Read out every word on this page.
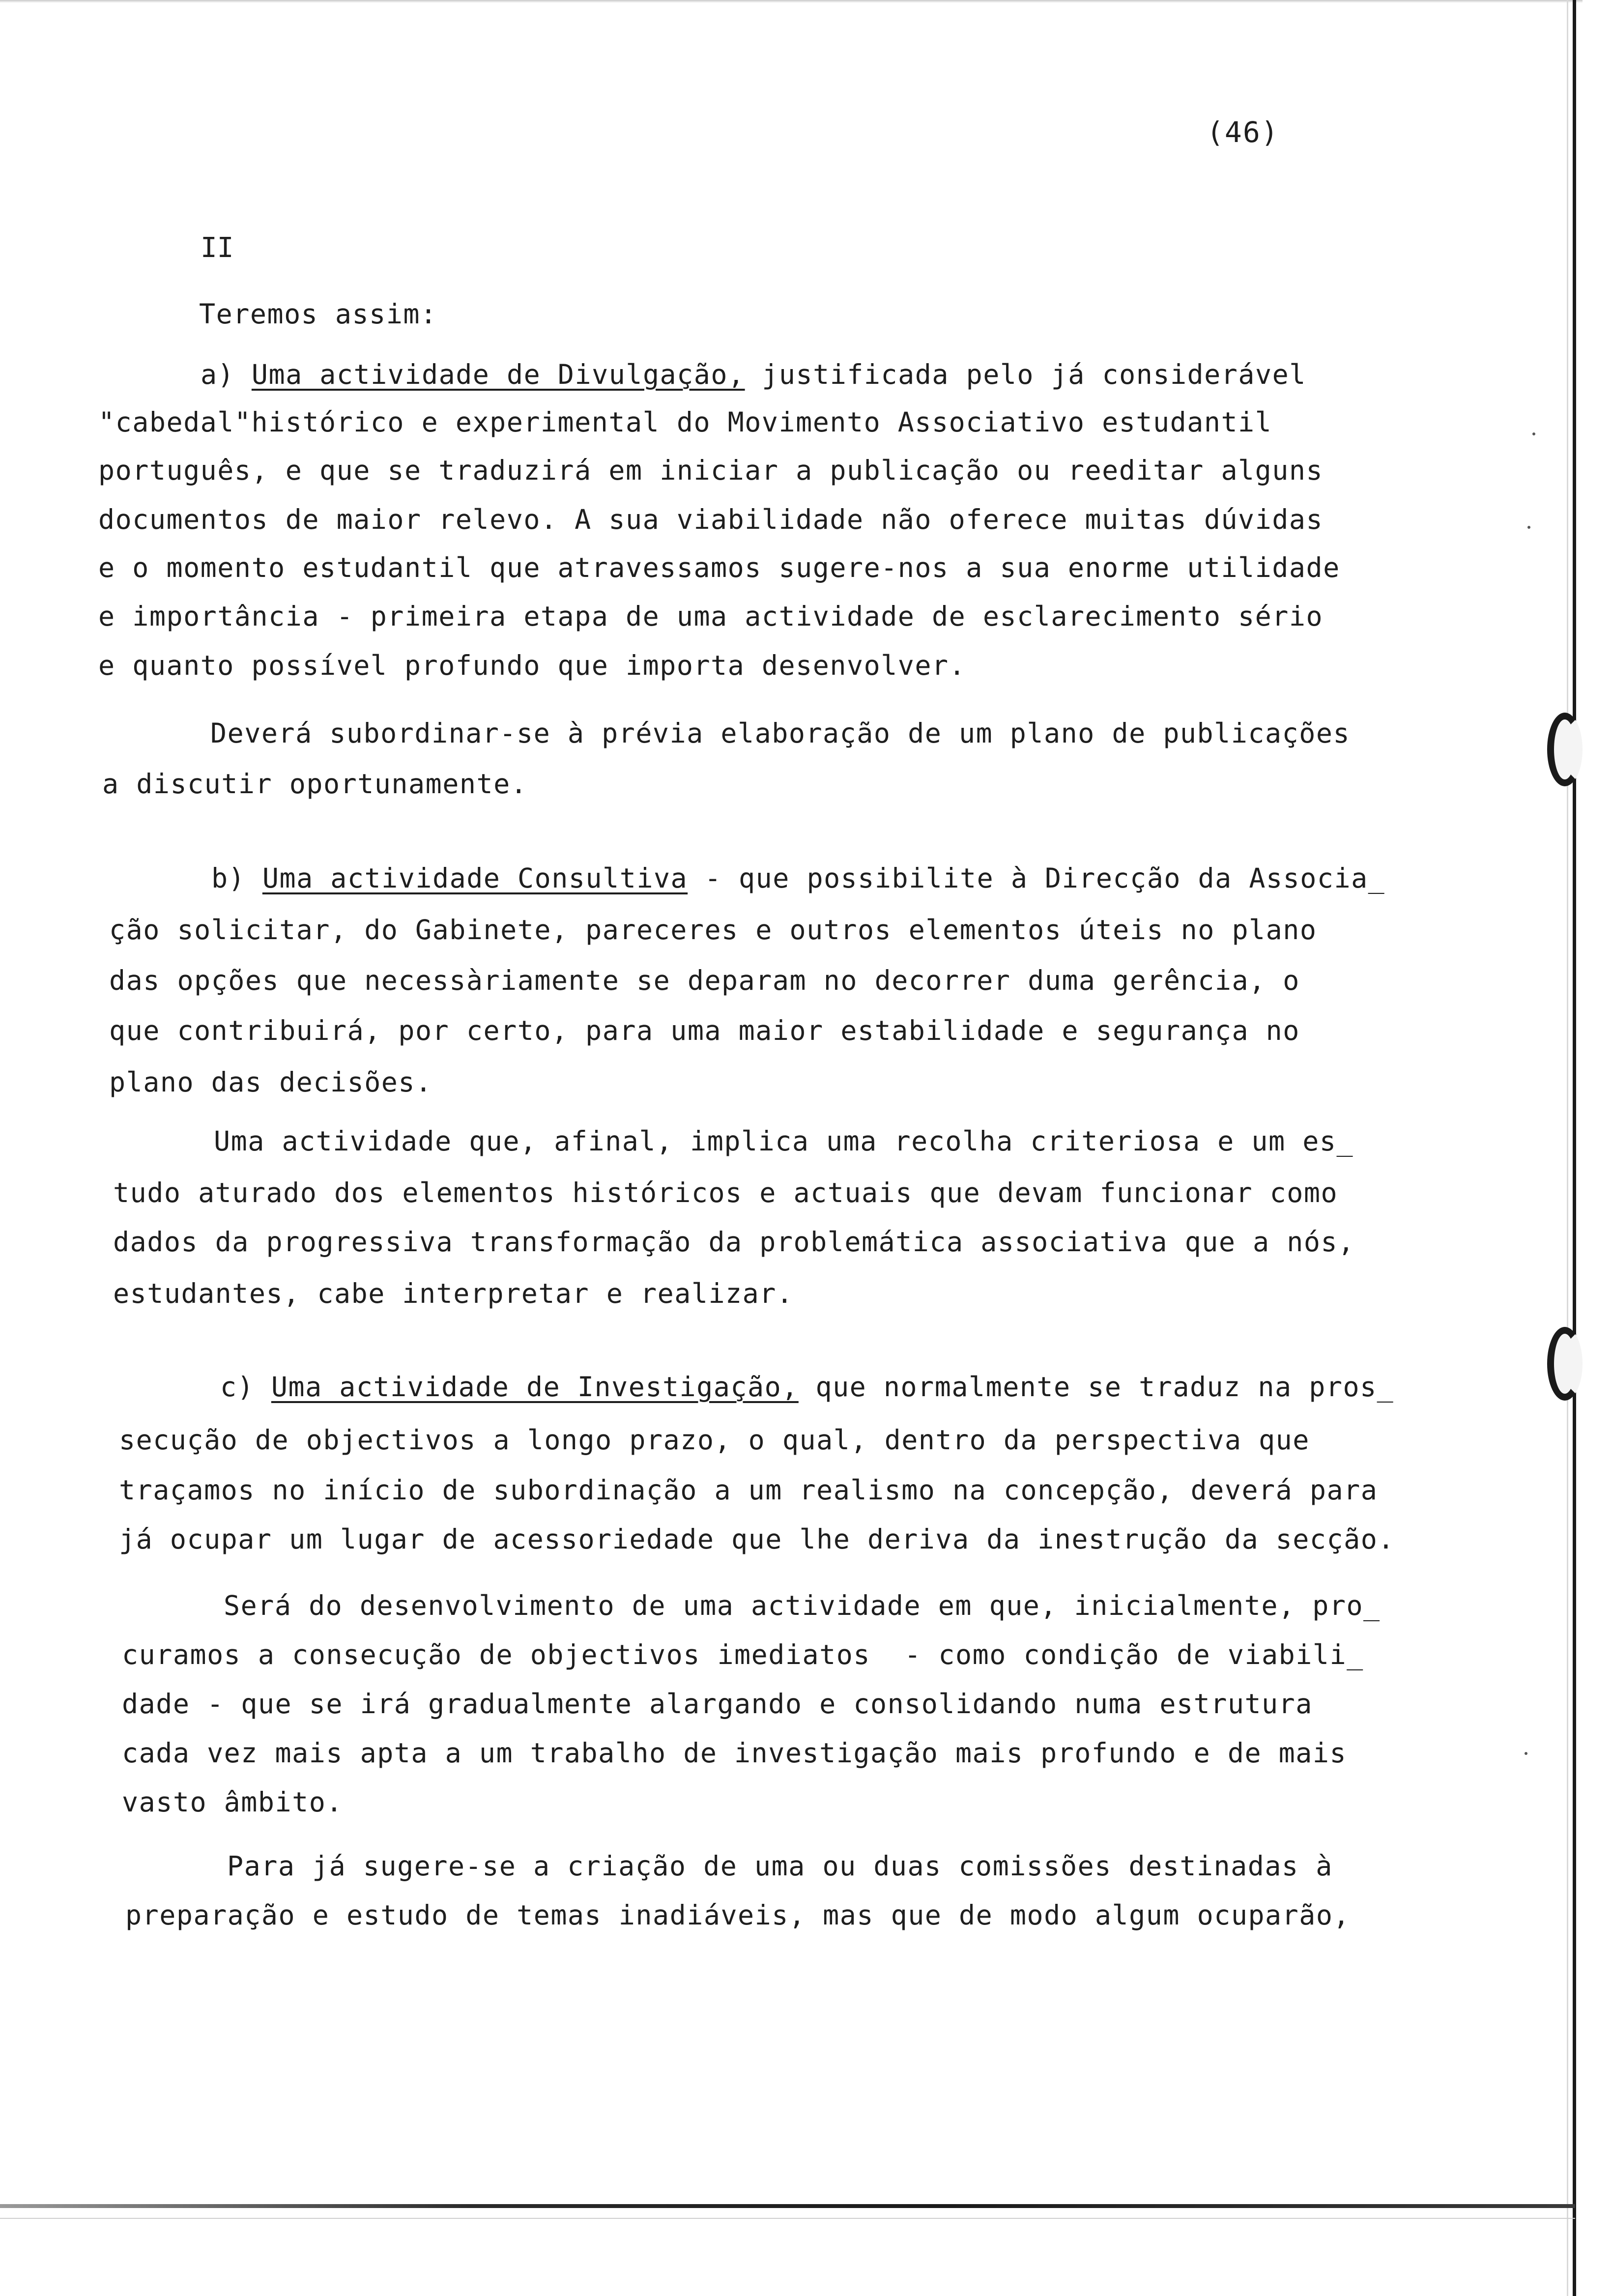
(46)
II
Teremos assim:
a) Uma actividade de Divulgação, justificada pelo já considerável
"cabedal"histórico e experimental do Movimento Associativo estudantil
português, e que se traduzirá em iniciar a publicação ou reeditar alguns
documentos de maior relevo. A sua viabilidade não oferece muitas dúvidas
e o momento estudantil que atravessamos sugere-nos a sua enorme utilidade
e importância - primeira etapa de uma actividade de esclarecimento sério
e quanto possível profundo que importa desenvolver.
Deverá subordinar-se à prévia elaboração de um plano de publicações
a discutir oportunamente.
b) Uma actividade Consultiva - que possibilite à Direcção da Associa_
ção solicitar, do Gabinete, pareceres e outros elementos úteis no plano
das opções que necessàriamente se deparam no decorrer duma gerência, o
que contribuirá, por certo, para uma maior estabilidade e segurança no
plano das decisões.
Uma actividade que, afinal, implica uma recolha criteriosa e um es_
tudo aturado dos elementos históricos e actuais que devam funcionar como
dados da progressiva transformação da problemática associativa que a nós,
estudantes, cabe interpretar e realizar.
c) Uma actividade de Investigação, que normalmente se traduz na pros_
secução de objectivos a longo prazo, o qual, dentro da perspectiva que
traçamos no início de subordinação a um realismo na concepção, deverá para
já ocupar um lugar de acessoriedade que lhe deriva da inestrução da secção.
Será do desenvolvimento de uma actividade em que, inicialmente, pro_
curamos a consecução de objectivos imediatos  - como condição de viabili_
dade - que se irá gradualmente alargando e consolidando numa estrutura
cada vez mais apta a um trabalho de investigação mais profundo e de mais
vasto âmbito.
Para já sugere-se a criação de uma ou duas comissões destinadas à
preparação e estudo de temas inadiáveis, mas que de modo algum ocuparão,
